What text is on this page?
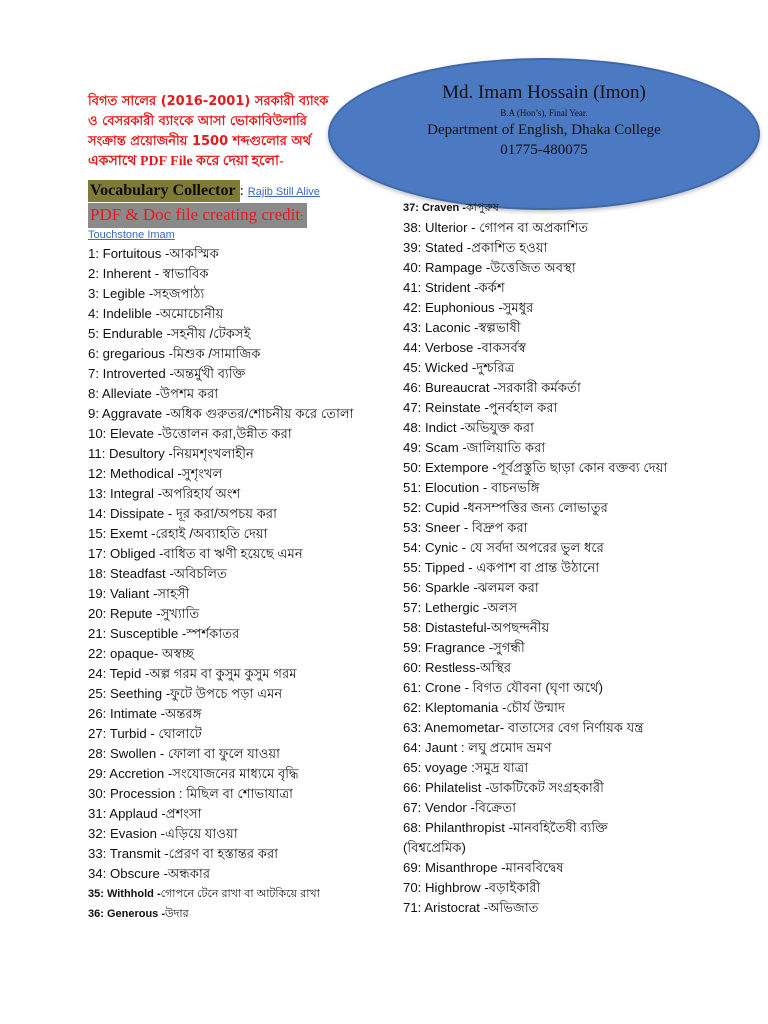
বিগত সালের (2016-2001) সরকারী ব্যাংক
ও বেসরকারী ব্যাংকে আসা ভোকাবিউলারি
সংক্রান্ত প্রয়োজনীয় 1500 শব্দগুলোর অর্থ
একসাথে PDF File করে দেয়া হলো-
Md. Imam Hossain (Imon)
B.A (Hon’s), Final Year.
Department of English, Dhaka College
01775-480075
Vocabulary Collector : Rajib Still Alive
PDF & Doc file creating credit:
Touchstone Imam
1: Fortuitous -আকস্মিক
2: Inherent - স্বাভাবিক
3: Legible -সহজপাঠ্য
4: Indelible -অমোচোনীয়
5: Endurable -সহনীয় /টেকসই
6: gregarious -মিশুক /সামাজিক
7: Introverted -অন্তর্মুখী ব্যক্তি
8: Alleviate -উপশম করা
9: Aggravate -অধিক গুরুতর/শোচনীয় করে তোলা
10: Elevate -উত্তোলন করা,উন্নীত করা
11: Desultory -নিয়মশৃংখলাহীন
12: Methodical -সুশৃংখল
13: Integral -অপরিহার্য অংশ
14: Dissipate - দূর করা/অপচয় করা
15: Exemt -রেহাই /অব্যাহতি দেয়া
17: Obliged -বাধিত বা ঋণী হয়েছে এমন
18: Steadfast -অবিচলিত
19: Valiant -সাহসী
20: Repute -সুখ্যাতি
21: Susceptible -স্পর্শকাতর
22: opaque- অস্বচ্ছ
24: Tepid -অল্প গরম বা কুসুম কুসুম গরম
25: Seething -ফুটে উপচে পড়া এমন
26: Intimate -অন্তরঙ্গ
27: Turbid - ঘোলাটে
28: Swollen - ফোলা বা ফুলে যাওয়া
29: Accretion -সংযোজনের মাধ্যমে বৃদ্ধি
30: Procession : মিছিল বা শোভাযাত্রা
31: Applaud -প্রশংসা
32: Evasion -এড়িয়ে যাওয়া
33: Transmit -প্রেরণ বা হস্তান্তর করা
34: Obscure -অন্ধকার
35: Withhold -গোপনে টেনে রাখা বা আটকিয়ে রাখা
36: Generous -উদার
37: Craven -কাপুরুষ
38: Ulterior - গোপন বা অপ্রকাশিত
39: Stated -প্রকাশিত হওয়া
40: Rampage -উত্তেজিত অবস্থা
41: Strident -কর্কশ
42: Euphonious -সুমধুর
43: Laconic -স্বল্পভাষী
44: Verbose -বাকসর্বস্ব
45: Wicked -দুশ্চরিত্র
46: Bureaucrat -সরকারী কর্মকর্তা
47: Reinstate -পুনর্বহাল করা
48: Indict -অভিযুক্ত করা
49: Scam -জালিয়াতি করা
50: Extempore -পূর্বপ্রস্তুতি ছাড়া কোন বক্তব্য দেয়া
51: Elocution - বাচনভঙ্গি
52: Cupid -ধনসম্পত্তির জন্য লোভাতুর
53: Sneer - বিদ্রুপ করা
54: Cynic - যে সর্বদা অপরের ভুল ধরে
55: Tipped - একপাশ বা প্রান্ত উঠানো
56: Sparkle -ঝলমল করা
57: Lethergic -অলস
58: Distasteful-অপছন্দনীয়
59: Fragrance -সুগন্ধী
60: Restless-অস্থির
61: Crone - বিগত যৌবনা (ঘৃণা অর্থে)
62: Kleptomania -চৌর্য উন্মাদ
63: Anemometar- বাতাসের বেগ নির্ণায়ক যন্ত্র
64: Jaunt : লঘু প্রমোদ ভ্রমণ
65: voyage :সমুদ্র যাত্রা
66: Philatelist -ডাকটিকেট সংগ্রহকারী
67: Vendor -বিক্রেতা
68: Philanthropist -মানবহিতৈষী ব্যক্তি
(বিশ্বপ্রেমিক)
69: Misanthrope -মানববিদ্বেষ
70: Highbrow -বড়াইকারী
71: Aristocrat -অভিজাত
